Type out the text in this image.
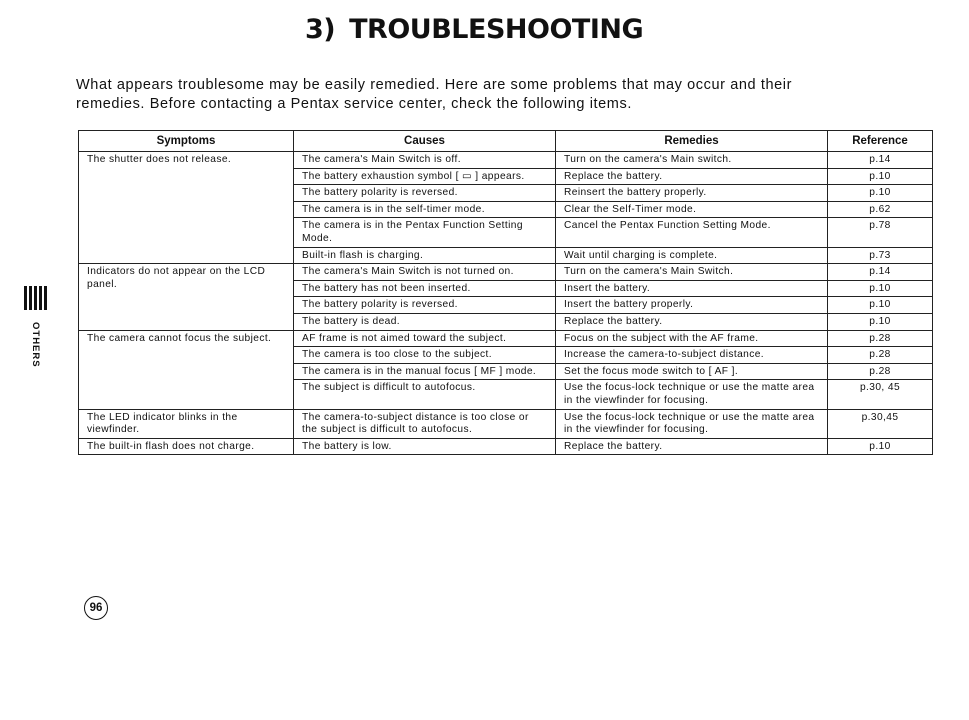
3) TROUBLESHOOTING

What appears troublesome may be easily remedied. Here are some problems that may occur and their

remedies. Before contacting a Pentax service center, check the following items.

OTHERS
Symptoms	Causes	Remedies	Reference
The shutter does not release.	The camera's Main Switch is off.	Turn on the camera's Main switch.	p.14
	The battery exhaustion symbol [ ▭ ] appears.	Replace the battery.	p.10
	The battery polarity is reversed.	Reinsert the battery properly.	p.10
	The camera is in the self-timer mode.	Clear the Self-Timer mode.	p.62
	The camera is in the Pentax Function Setting Mode.	Cancel the Pentax Function Setting Mode.	p.78
	Built-in flash is charging.	Wait until charging is complete.	p.73
Indicators do not appear on the LCD panel.	The camera's Main Switch is not turned on.	Turn on the camera's Main Switch.	p.14
	The battery has not been inserted.	Insert the battery.	p.10
	The battery polarity is reversed.	Insert the battery properly.	p.10
	The battery is dead.	Replace the battery.	p.10
The camera cannot focus the subject.	AF frame is not aimed toward the subject.	Focus on the subject with the AF frame.	p.28
	The camera is too close to the subject.	Increase the camera-to-subject distance.	p.28
	The camera is in the manual focus [ MF ] mode.	Set the focus mode switch to [ AF ].	p.28
	The subject is difficult to autofocus.	Use the focus-lock technique or use the matte area in the viewfinder for focusing.	p.30, 45
The LED indicator blinks in the viewfinder.	The camera-to-subject distance is too close or the subject is difficult to autofocus.	Use the focus-lock technique or use the matte area in the viewfinder for focusing.	p.30,45
The built-in flash does not charge.	The battery is low.	Replace the battery.	p.10
96
